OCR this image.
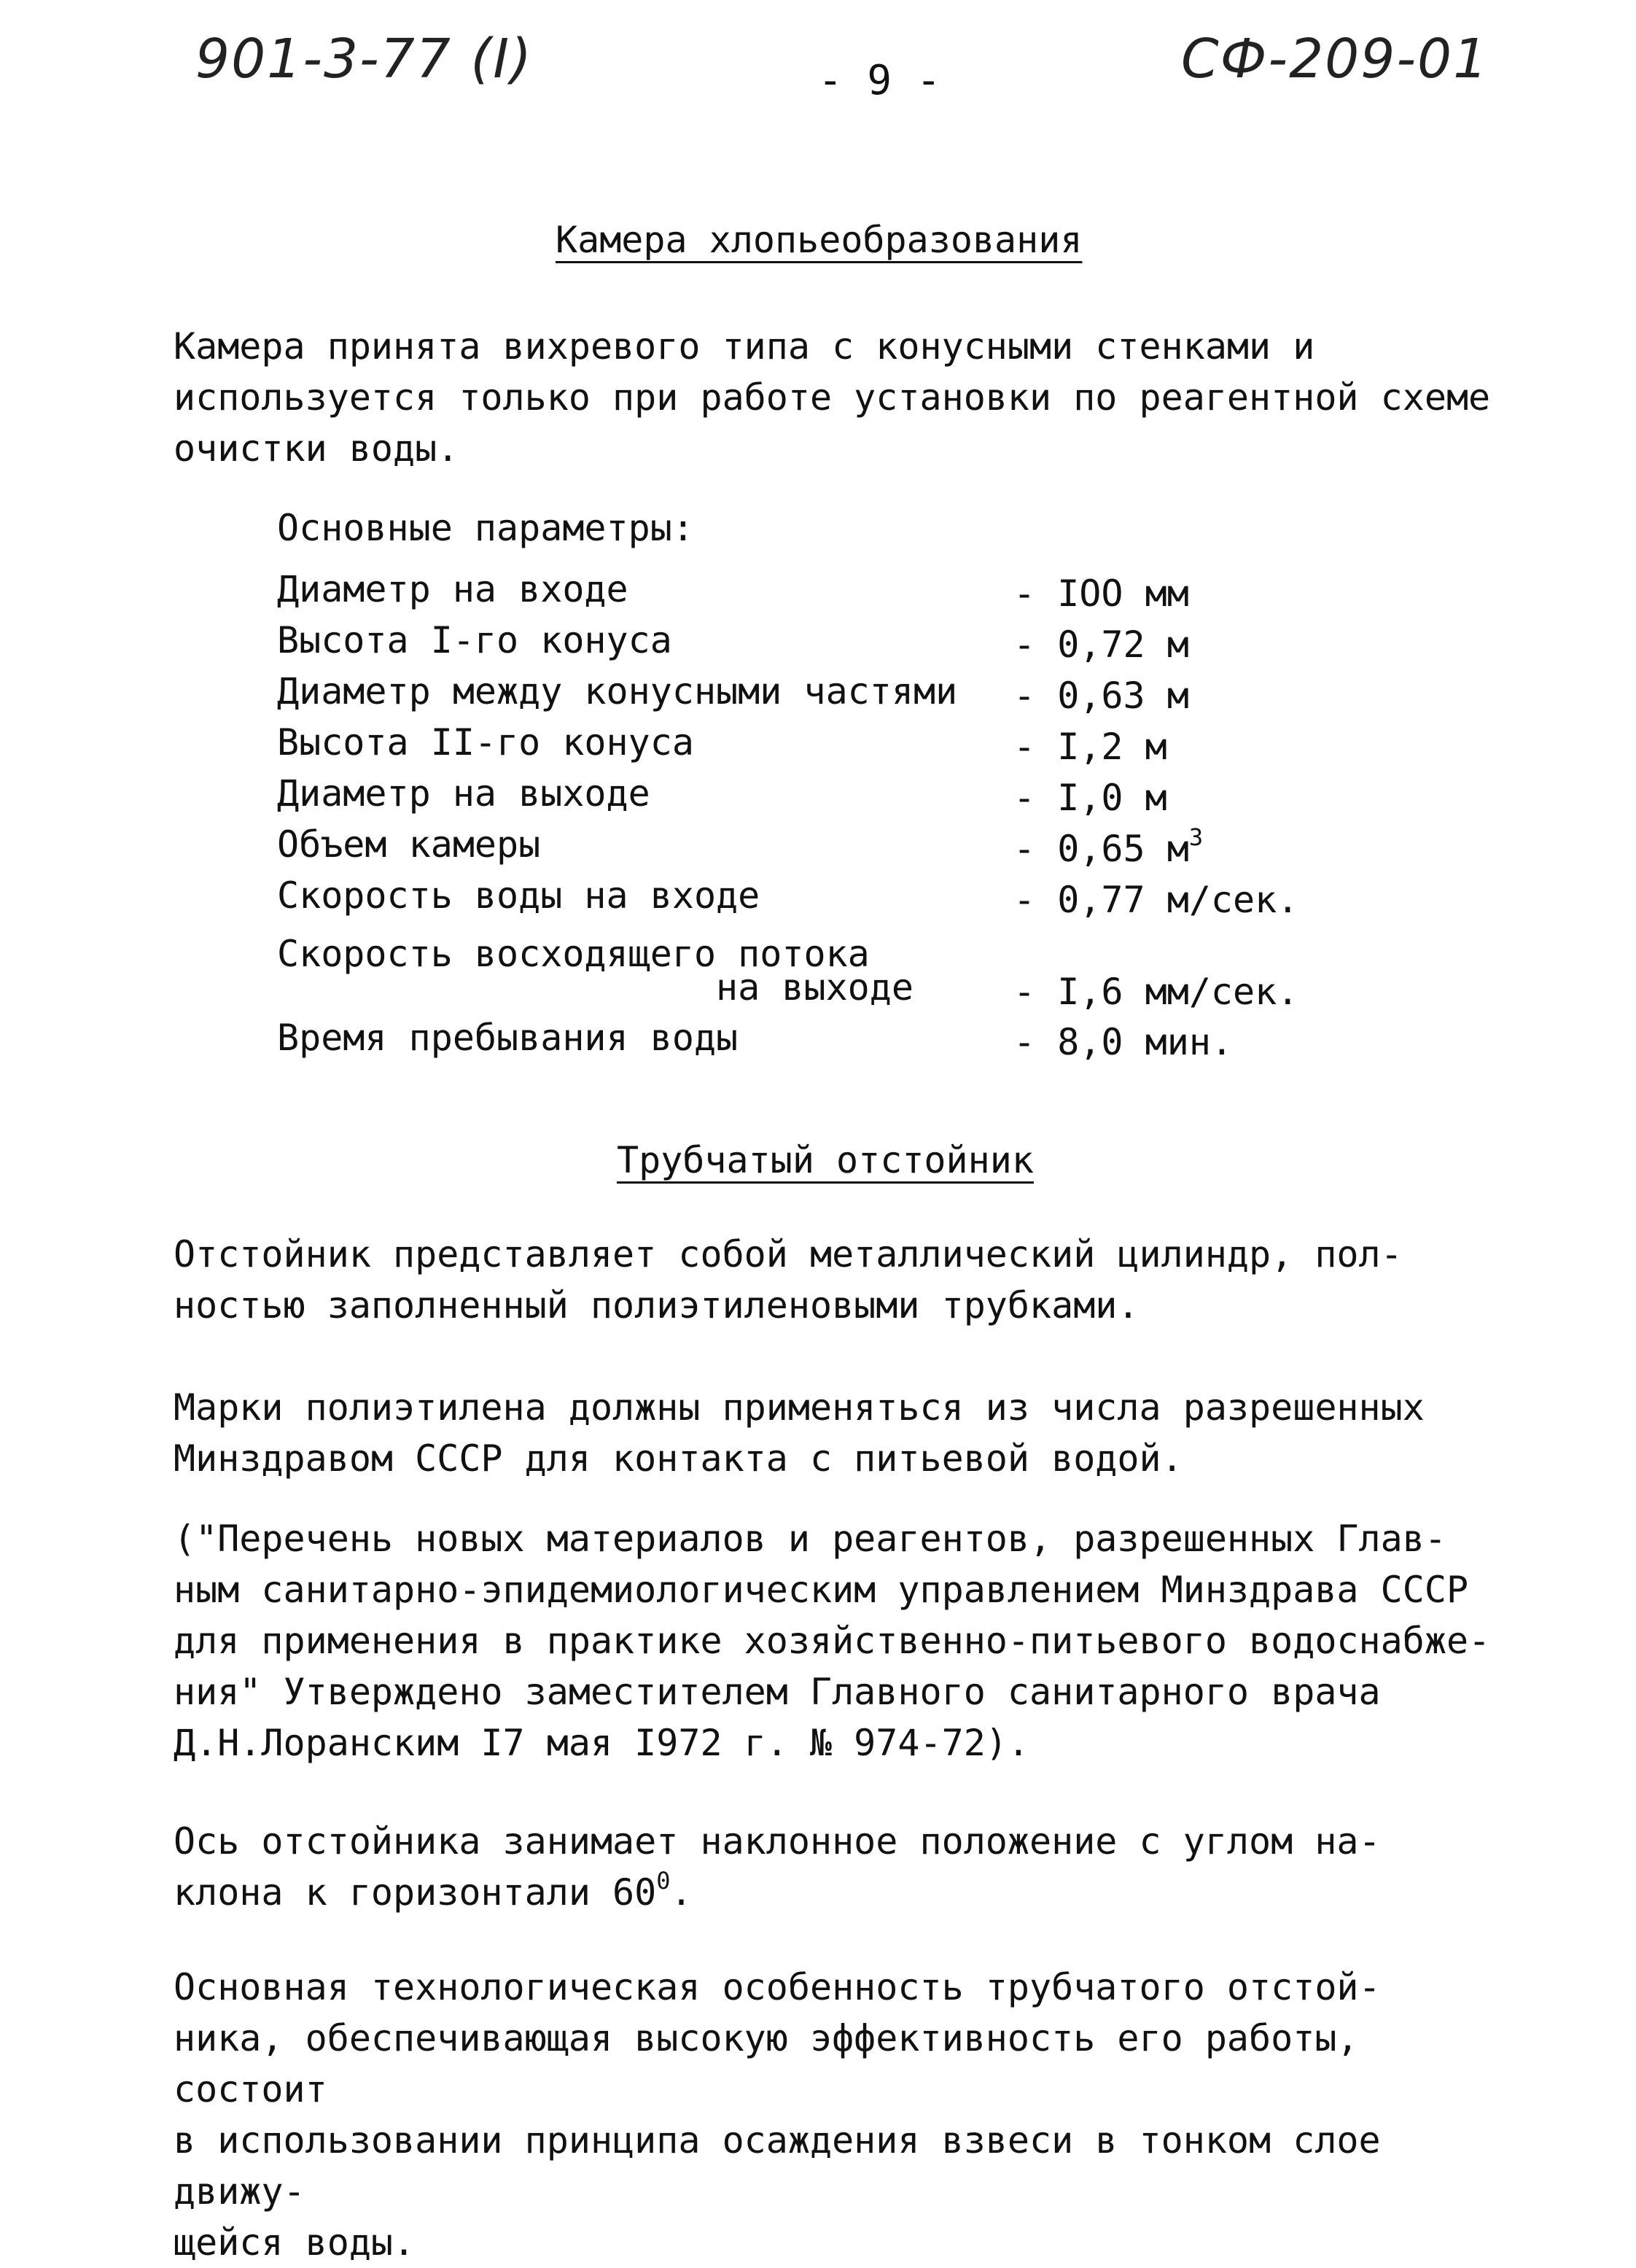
901-3-77 (I)	- 9 -	СФ-209-01
Камера хлопьеобразования
Камера принята вихревого типа с конусными стенками и
используется только при работе установки по реагентной схеме
очистки воды.
Основные параметры:
Диаметр на входе	- IOO мм
Высота I-го конуса	- 0,72 м
Диаметр между конусными частями - 0,63 м
Высота II-го конуса	- I,2 м
Диаметр на выходе	- I,0 м
Объем камеры	- 0,65 $м^3$
Скорость воды на входе	- 0,77 м/сек.
Скорость восходящего потока
на выходе	- I,6 мм/сек.
Время пребывания воды	- 8,0 мин.
Трубчатый отстойник
Отстойник представляет собой металлический цилиндр, пол-
ностью заполненный полиэтиленовыми трубками.
Марки полиэтилена должны применяться из числа разрешенных
Минздравом СССР для контакта с питьевой водой.
("Перечень новых материалов и реагентов, разрешенных Глав-
ным санитарно-эпидемиологическим управлением Минздрава СССР
для применения в практике хозяйственно-питьевого водоснабже-
ния" Утверждено заместителем Главного санитарного врача
Д.Н.Лоранским I7 мая I972 г. № 974-72).
Ось отстойника занимает наклонное положение с углом на-
клона к горизонтали $60^0$.
Основная технологическая особенность трубчатого отстой-
ника, обеспечивающая высокую эффективность его работы, состоит
в использовании принципа осаждения взвеси в тонком слое движу-
щейся воды.
